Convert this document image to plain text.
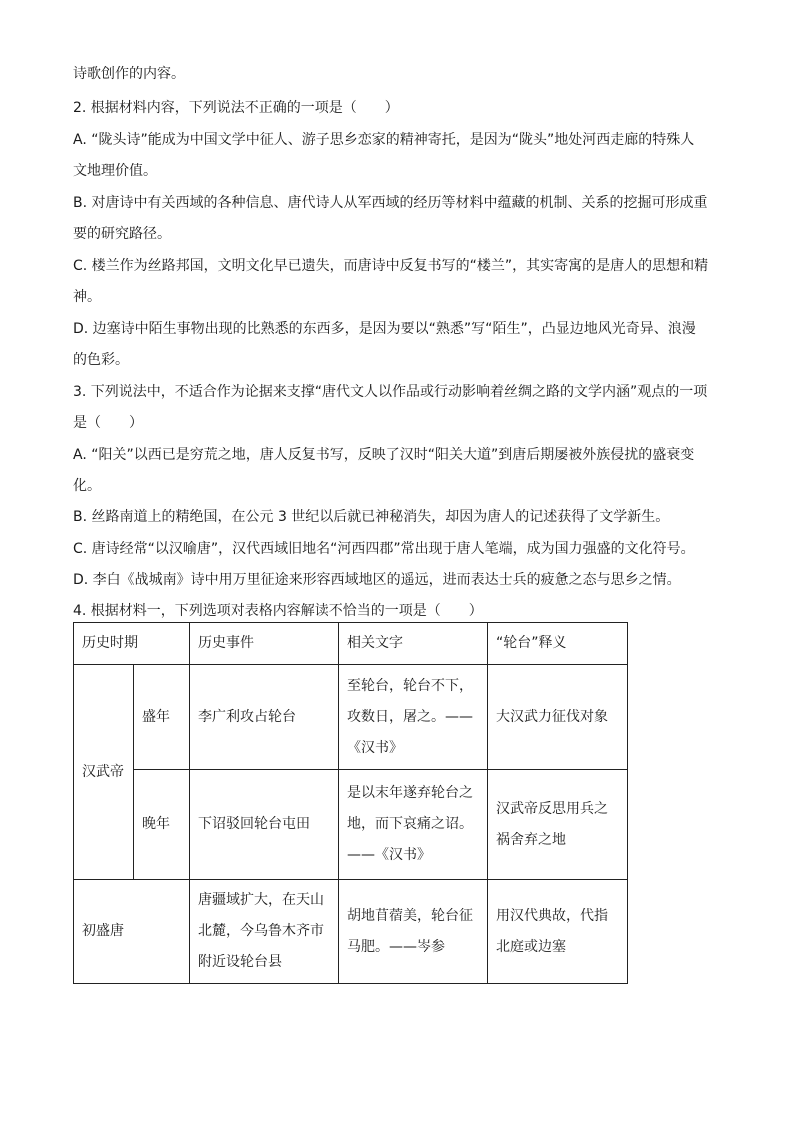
诗歌创作的内容。
2. 根据材料内容，下列说法不正确的一项是（　　）
A. “陇头诗”能成为中国文学中征人、游子思乡恋家的精神寄托，是因为“陇头”地处河西走廊的特殊人
文地理价值。
B. 对唐诗中有关西域的各种信息、唐代诗人从军西域的经历等材料中蕴藏的机制、关系的挖掘可形成重
要的研究路径。
C. 楼兰作为丝路邦国，文明文化早已遗失，而唐诗中反复书写的“楼兰”，其实寄寓的是唐人的思想和精
神。
D. 边塞诗中陌生事物出现的比熟悉的东西多，是因为要以“熟悉”写“陌生”，凸显边地风光奇异、浪漫
的色彩。
3. 下列说法中，不适合作为论据来支撑“唐代文人以作品或行动影响着丝绸之路的文学内涵”观点的一项
是（　　）
A. “阳关”以西已是穷荒之地，唐人反复书写，反映了汉时“阳关大道”到唐后期屡被外族侵扰的盛衰变
化。
B. 丝路南道上的精绝国，在公元 3 世纪以后就已神秘消失，却因为唐人的记述获得了文学新生。
C. 唐诗经常“以汉喻唐”，汉代西域旧地名“河西四郡”常出现于唐人笔端，成为国力强盛的文化符号。
D. 李白《战城南》诗中用万里征途来形容西域地区的遥远，进而表达士兵的疲惫之态与思乡之情。
4. 根据材料一，下列选项对表格内容解读不恰当的一项是（　　）
历史时期		历史事件	相关文字	“轮台”释义
汉武帝	盛年	李广利攻占轮台	至轮台，轮台不下，
攻数日，屠之。——
《汉书》	大汉武力征伐对象

	晚年	下诏驳回轮台屯田	是以末年遂弃轮台之
地，而下哀痛之诏。
——《汉书》	汉武帝反思用兵之
祸舍弃之地

初盛唐		唐疆域扩大，在天山
北麓，今乌鲁木齐市
附近设轮台县	胡地苜蓿美，轮台征
马肥。——岑参	用汉代典故，代指
北庭或边塞
